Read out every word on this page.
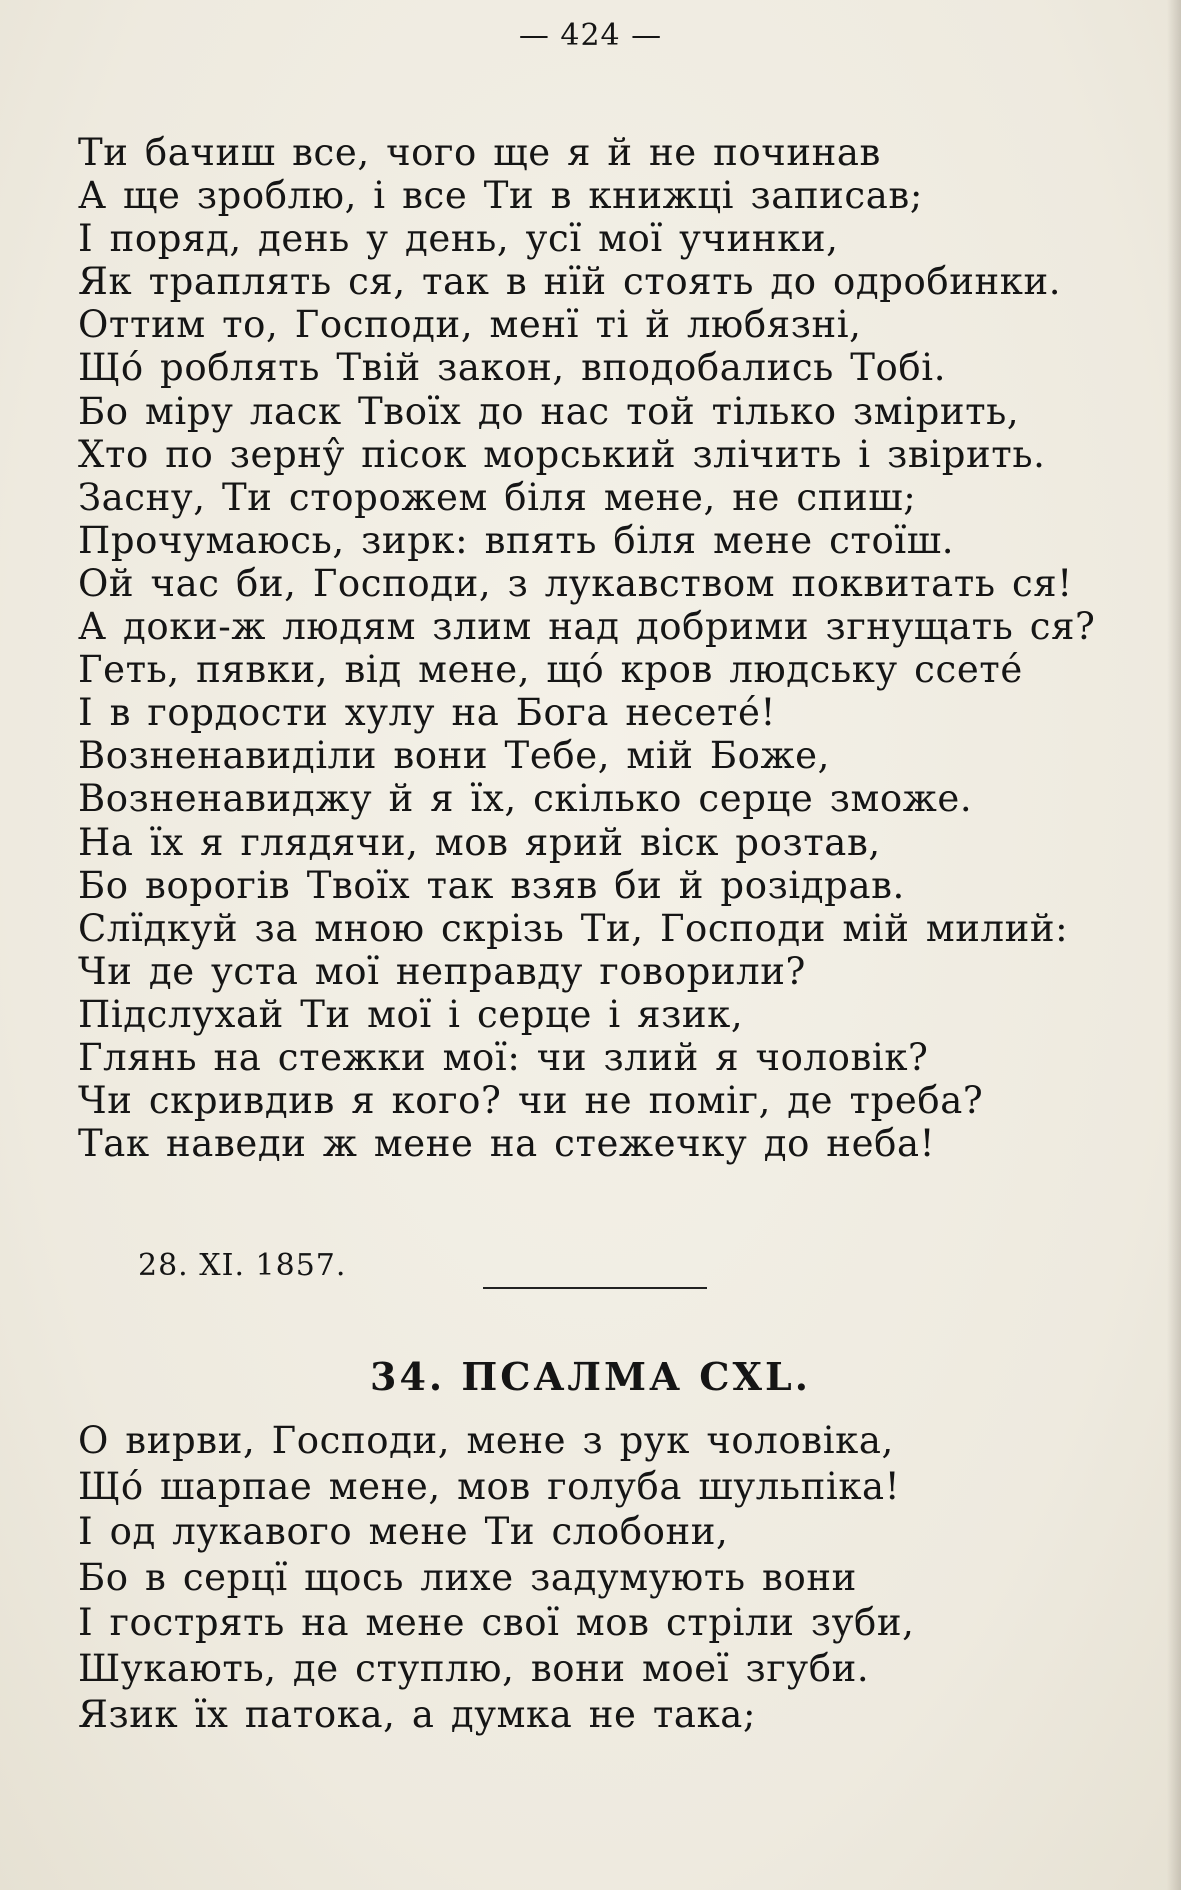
— 424 —
Ти бачиш все, чого ще я й не починав
А ще зроблю, і все Ти в книжці записав;
І поряд, день у день, усї мої учинки,
Як траплять ся, так в нїй стоять до одробинки.
Оттим то, Господи, менї ті й любязні,
Щó роблять Твій закон, вподобались Тобі.
Бо міру ласк Твоїх до нас той тілько змірить,
Хто по зерну̂ пісок морський злічить і звірить.
Засну, Ти сторожем біля мене, не спиш;
Прочумаюсь, зирк: впять біля мене стоїш.
Ой час би, Господи, з лукавством поквитать ся!
А доки-ж людям злим над добрими згнущать ся?
Геть, пявки, від мене, щó кров людську ссетé
І в гордости хулу на Бога несетé!
Возненавиділи вони Тебе, мій Боже,
Возненавиджу й я їх, скілько серце зможе.
На їх я глядячи, мов ярий віск розтав,
Бо ворогів Твоїх так взяв би й розідрав.
Слїдкуй за мною скрізь Ти, Господи мій милий:
Чи де уста мої неправду говорили?
Підслухай Ти мої і серце і язик,
Глянь на стежки мої: чи злий я чоловік?
Чи скривдив я кого? чи не поміг, де треба?
Так наведи ж мене на стежечку до неба!
28. XI. 1857.
34. ПСАЛМА CXL.
О вирви, Господи, мене з рук чоловіка,
Щó шарпае мене, мов голуба шульпіка!
І од лукавого мене Ти слобони,
Бо в серцї щось лихе задумують вони
І гострять на мене свої мов стріли зуби,
Шукають, де ступлю, вони моеї згуби.
Язик їх патока, а думка не така;
